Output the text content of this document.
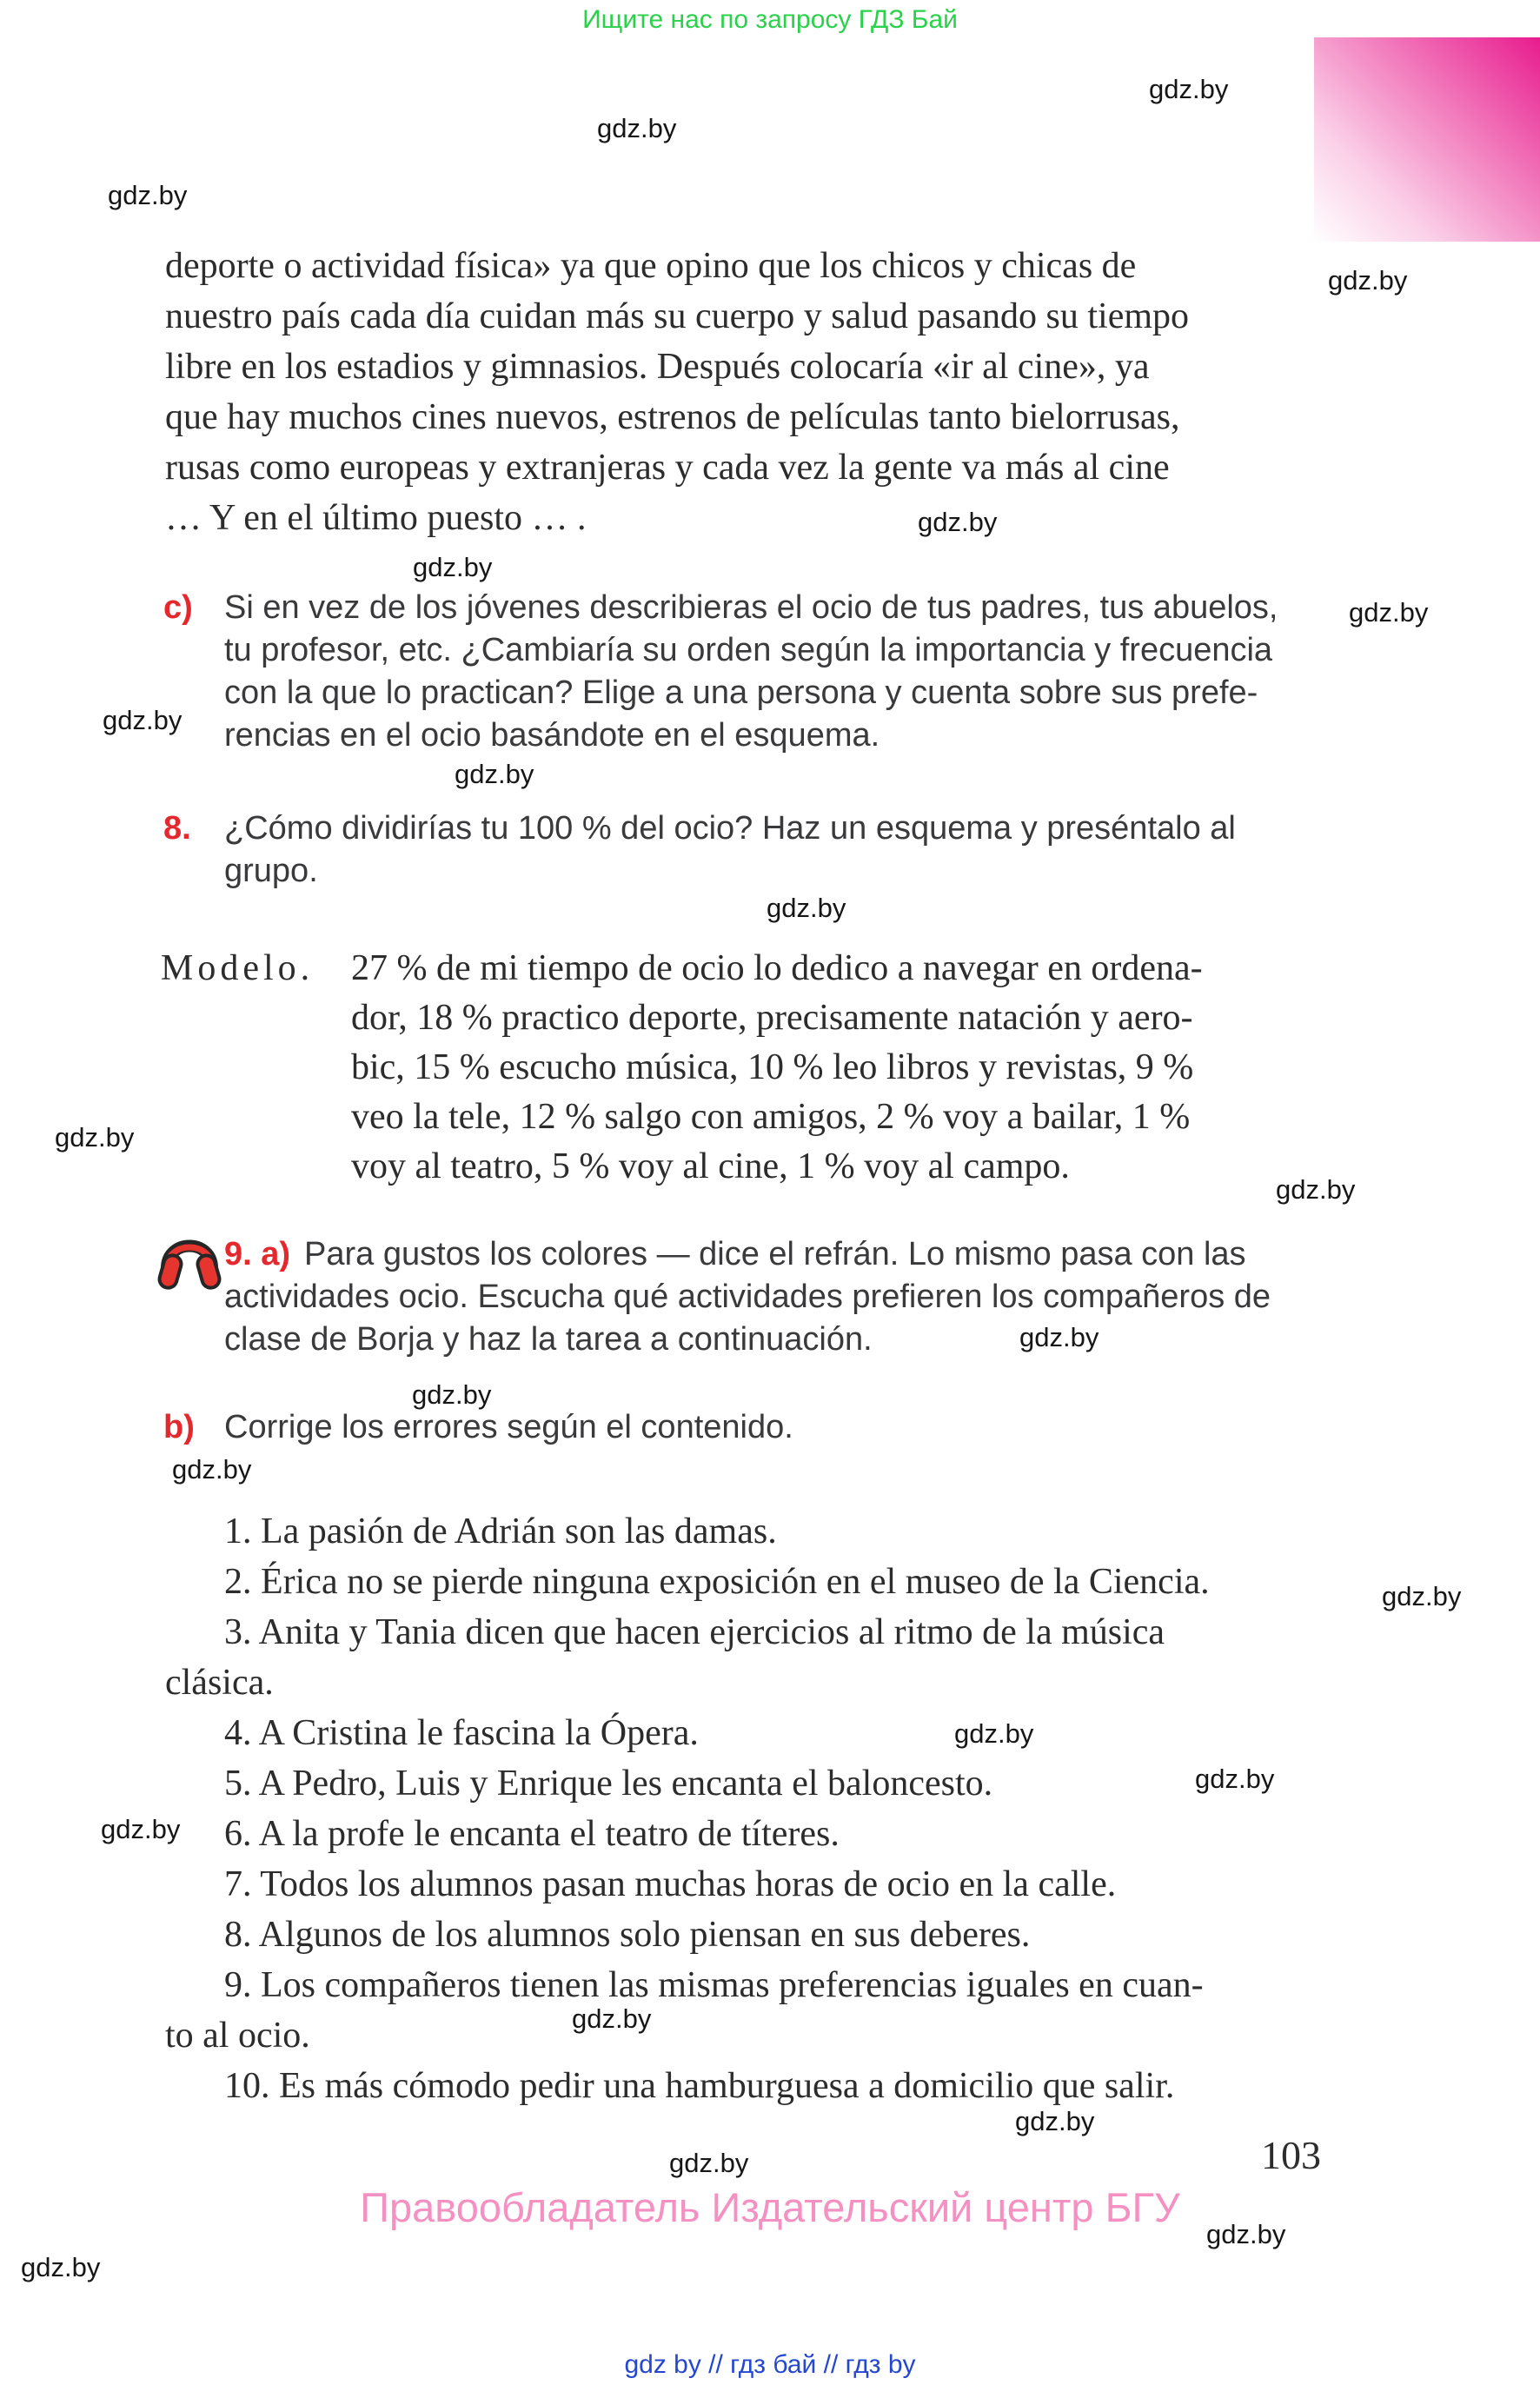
Ищите нас по запросу ГДЗ Бай
gdz.by
gdz.by
gdz.by
gdz.by
gdz.by
gdz.by
gdz.by
gdz.by
gdz.by
gdz.by
gdz.by
gdz.by
gdz.by
gdz.by
gdz.by
gdz.by
gdz.by
gdz.by
gdz.by
gdz.by
gdz.by
gdz.by
gdz.by
gdz.by
deporte o actividad física» ya que opino que los chicos y chicas de
nuestro país cada día cuidan más su cuerpo y salud pasando su tiempo
libre en los estadios y gimnasios. Después colocaría «ir al cine», ya
que hay muchos cines nuevos, estrenos de películas tanto bielorrusas,
rusas como europeas y extranjeras y cada vez la gente va más al cine
… Y en el último puesto … .
c) Si en vez de los jóvenes describieras el ocio de tus padres, tus abuelos,
tu profesor, etc. ¿Cambiaría su orden según la importancia y frecuencia
con la que lo practican? Elige a una persona y cuenta sobre sus prefe-
rencias en el ocio basándote en el esquema.
8. ¿Cómo dividirías tu 100 % del ocio? Haz un esquema y preséntalo al
grupo.
Modelo. 27 % de mi tiempo de ocio lo dedico a navegar en ordena-
dor, 18 % practico deporte, precisamente natación y aero-
bic, 15 % escucho música, 10 % leo libros y revistas, 9 %
veo la tele, 12 % salgo con amigos, 2 % voy a bailar, 1 %
voy al teatro, 5 % voy al cine, 1 % voy al campo.
9. a) Para gustos los colores — dice el refrán. Lo mismo pasa con las
actividades ocio. Escucha qué actividades prefieren los compañeros de
clase de Borja y haz la tarea a continuación.
b) Corrige los errores según el contenido.
1. La pasión de Adrián son las damas.
2. Érica no se pierde ninguna exposición en el museo de la Ciencia.
3. Anita y Tania dicen que hacen ejercicios al ritmo de la música
clásica.
4. A Cristina le fascina la Ópera.
5. A Pedro, Luis y Enrique les encanta el baloncesto.
6. A la profe le encanta el teatro de títeres.
7. Todos los alumnos pasan muchas horas de ocio en la calle.
8. Algunos de los alumnos solo piensan en sus deberes.
9. Los compañeros tienen las mismas preferencias iguales en cuan-
to al ocio.
10. Es más cómodo pedir una hamburguesa a domicilio que salir.
103
Правообладатель Издательский центр БГУ
gdz by // гдз бай // гдз by
